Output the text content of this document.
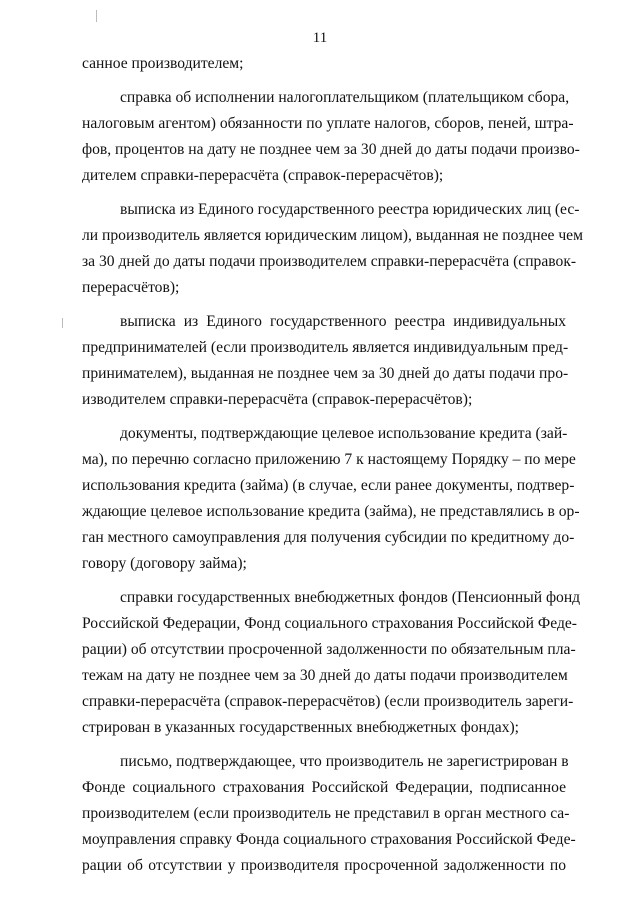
11
санное производителем;
справка об исполнении налогоплательщиком (плательщиком сбора,
налоговым агентом) обязанности по уплате налогов, сборов, пеней, штра-
фов, процентов на дату не позднее чем за 30 дней до даты подачи произво-
дителем справки-перерасчёта (справок-перерасчётов);
выписка из Единого государственного реестра юридических лиц (ес-
ли производитель является юридическим лицом), выданная не позднее чем
за 30 дней до даты подачи производителем справки-перерасчёта (справок-
перерасчётов);
выписка из Единого государственного реестра индивидуальных
предпринимателей (если производитель является индивидуальным пред-
принимателем), выданная не позднее чем за 30 дней до даты подачи про-
изводителем справки-перерасчёта (справок-перерасчётов);
документы, подтверждающие целевое использование кредита (зай-
ма), по перечню согласно приложению 7 к настоящему Порядку – по мере
использования кредита (займа) (в случае, если ранее документы, подтвер-
ждающие целевое использование кредита (займа), не представлялись в ор-
ган местного самоуправления для получения субсидии по кредитному до-
говору (договору займа);
справки государственных внебюджетных фондов (Пенсионный фонд
Российской Федерации, Фонд социального страхования Российской Феде-
рации) об отсутствии просроченной задолженности по обязательным пла-
тежам на дату не позднее чем за 30 дней до даты подачи производителем
справки-перерасчёта (справок-перерасчётов) (если производитель зареги-
стрирован в указанных государственных внебюджетных фондах);
письмо, подтверждающее, что производитель не зарегистрирован в
Фонде социального страхования Российской Федерации, подписанное
производителем (если производитель не представил в орган местного са-
моуправления справку Фонда социального страхования Российской Феде-
рации об отсутствии у производителя просроченной задолженности по
